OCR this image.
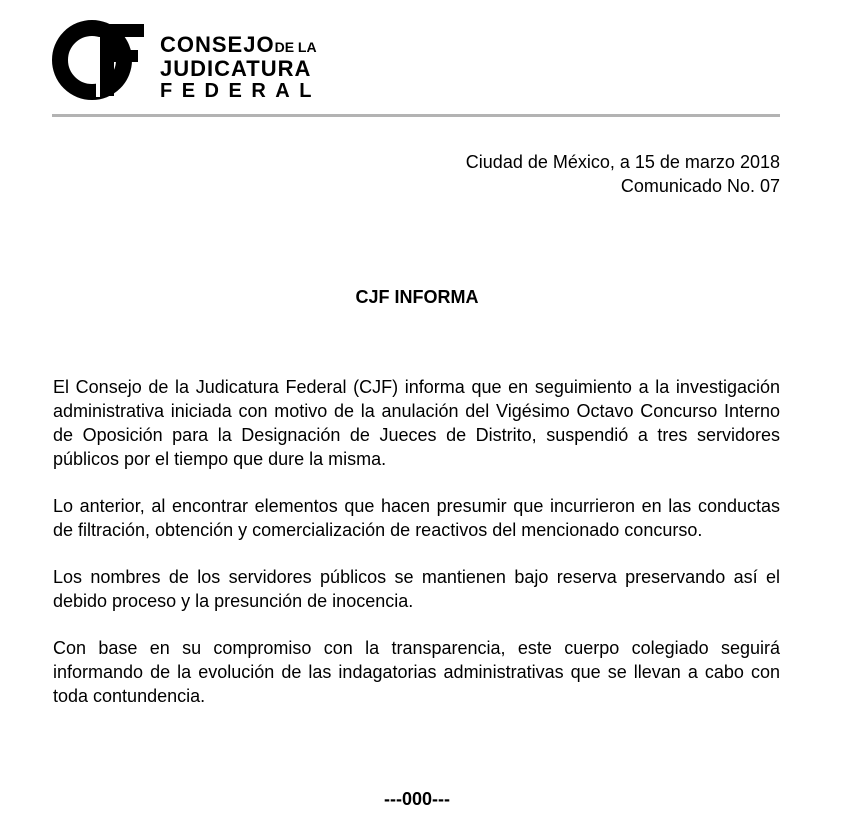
CONSEJODE LA
JUDICATURA
FEDERAL
Ciudad de México, a 15 de marzo 2018
Comunicado No. 07
CJF INFORMA

El Consejo de la Judicatura Federal (CJF) informa que en seguimiento a la investigación administrativa iniciada con motivo de la anulación del Vigésimo Octavo Concurso Interno de Oposición para la Designación de Jueces de Distrito, suspendió a tres servidores públicos por el tiempo que dure la misma.

Lo anterior, al encontrar elementos que hacen presumir que incurrieron en las conductas de filtración, obtención y comercialización de reactivos del mencionado concurso.

Los nombres de los servidores públicos se mantienen bajo reserva preservando así el debido proceso y la presunción de inocencia.

Con base en su compromiso con la transparencia, este cuerpo colegiado seguirá informando de la evolución de las indagatorias administrativas que se llevan a cabo con toda contundencia.

---000---
